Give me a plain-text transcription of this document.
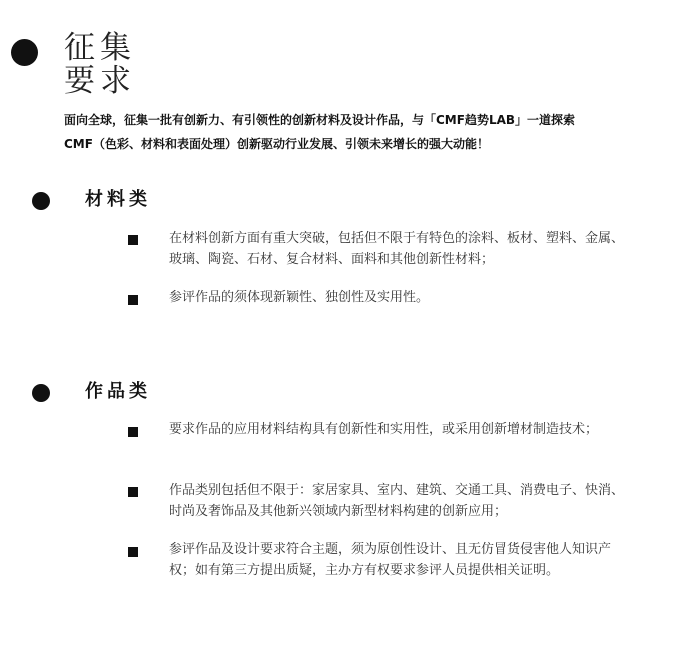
征集
要求
面向全球，征集一批有创新力、有引领性的创新材料及设计作品，与「CMF趋势LAB」一道探索
CMF（色彩、材料和表面处理）创新驱动行业发展、引领未来增长的强大动能！
材料类
在材料创新方面有重大突破，包括但不限于有特色的涂料、板材、塑料、金属、
玻璃、陶瓷、石材、复合材料、面料和其他创新性材料；
参评作品的须体现新颖性、独创性及实用性。
作品类
要求作品的应用材料结构具有创新性和实用性，或采用创新增材制造技术；
作品类别包括但不限于：家居家具、室内、建筑、交通工具、消费电子、快消、
时尚及奢饰品及其他新兴领域内新型材料构建的创新应用；
参评作品及设计要求符合主题，须为原创性设计、且无仿冒货侵害他人知识产
权；如有第三方提出质疑，主办方有权要求参评人员提供相关证明。
